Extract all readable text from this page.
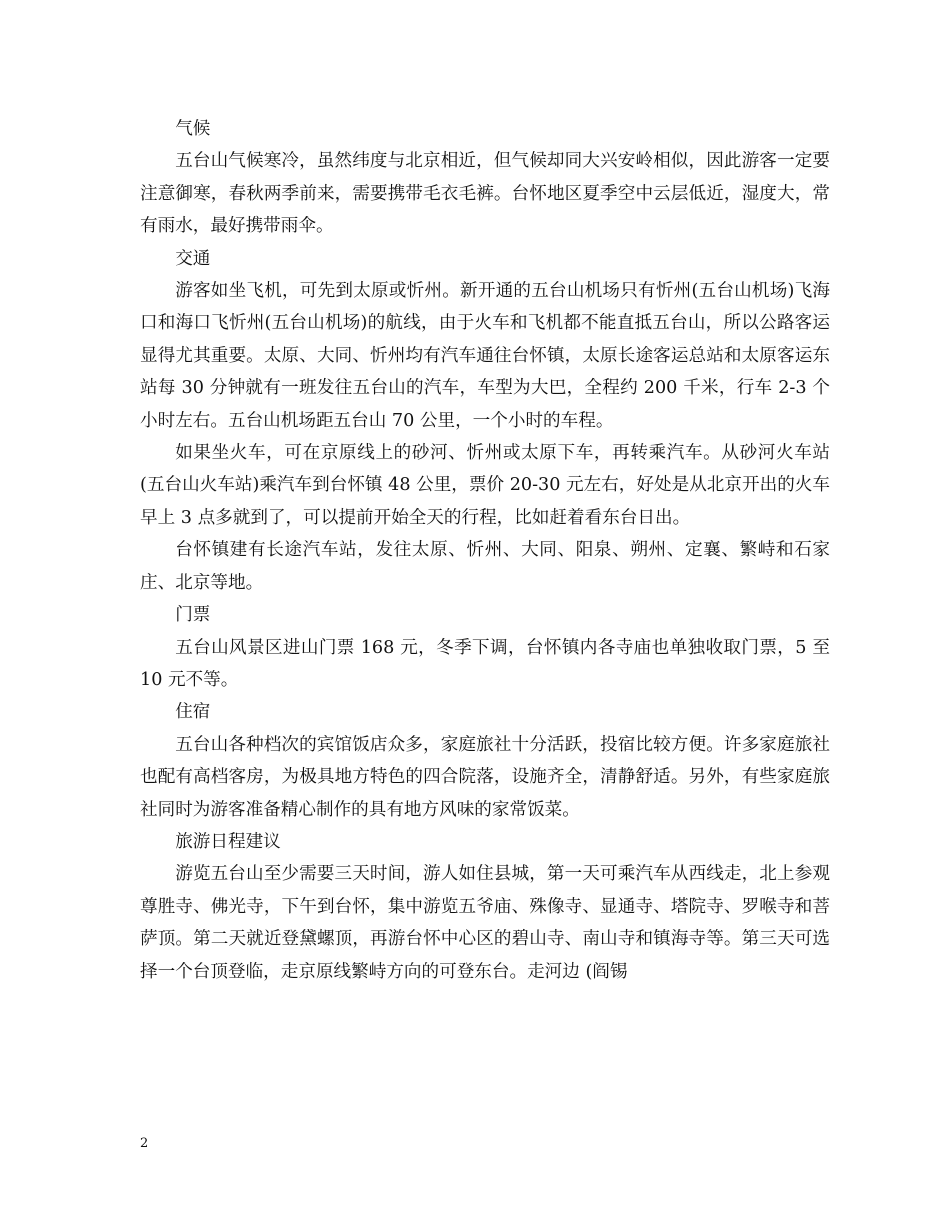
气候

五台山气候寒冷，虽然纬度与北京相近，但气候却同大兴安岭相似，因此游客一定要注意御寒，春秋两季前来，需要携带毛衣毛裤。台怀地区夏季空中云层低近，湿度大，常有雨水，最好携带雨伞。

交通

游客如坐飞机，可先到太原或忻州。新开通的五台山机场只有忻州(五台山机场)飞海口和海口飞忻州(五台山机场)的航线，由于火车和飞机都不能直抵五台山，所以公路客运显得尤其重要。太原、大同、忻州均有汽车通往台怀镇，太原长途客运总站和太原客运东站每 30 分钟就有一班发往五台山的汽车，车型为大巴，全程约 200 千米，行车 2-3 个小时左右。五台山机场距五台山 70 公里，一个小时的车程。

如果坐火车，可在京原线上的砂河、忻州或太原下车，再转乘汽车。从砂河火车站(五台山火车站)乘汽车到台怀镇 48 公里，票价 20-30 元左右，好处是从北京开出的火车早上 3 点多就到了，可以提前开始全天的行程，比如赶着看东台日出。

台怀镇建有长途汽车站，发往太原、忻州、大同、阳泉、朔州、定襄、繁峙和石家庄、北京等地。

门票

五台山风景区进山门票 168 元，冬季下调，台怀镇内各寺庙也单独收取门票，5 至 10 元不等。

住宿

五台山各种档次的宾馆饭店众多，家庭旅社十分活跃，投宿比较方便。许多家庭旅社也配有高档客房，为极具地方特色的四合院落，设施齐全，清静舒适。另外，有些家庭旅社同时为游客准备精心制作的具有地方风味的家常饭菜。

旅游日程建议

游览五台山至少需要三天时间，游人如住县城，第一天可乘汽车从西线走，北上参观尊胜寺、佛光寺，下午到台怀，集中游览五爷庙、殊像寺、显通寺、塔院寺、罗喉寺和菩萨顶。第二天就近登黛螺顶，再游台怀中心区的碧山寺、南山寺和镇海寺等。第三天可选择一个台顶登临，走京原线繁峙方向的可登东台。走河边 (阎锡

2
